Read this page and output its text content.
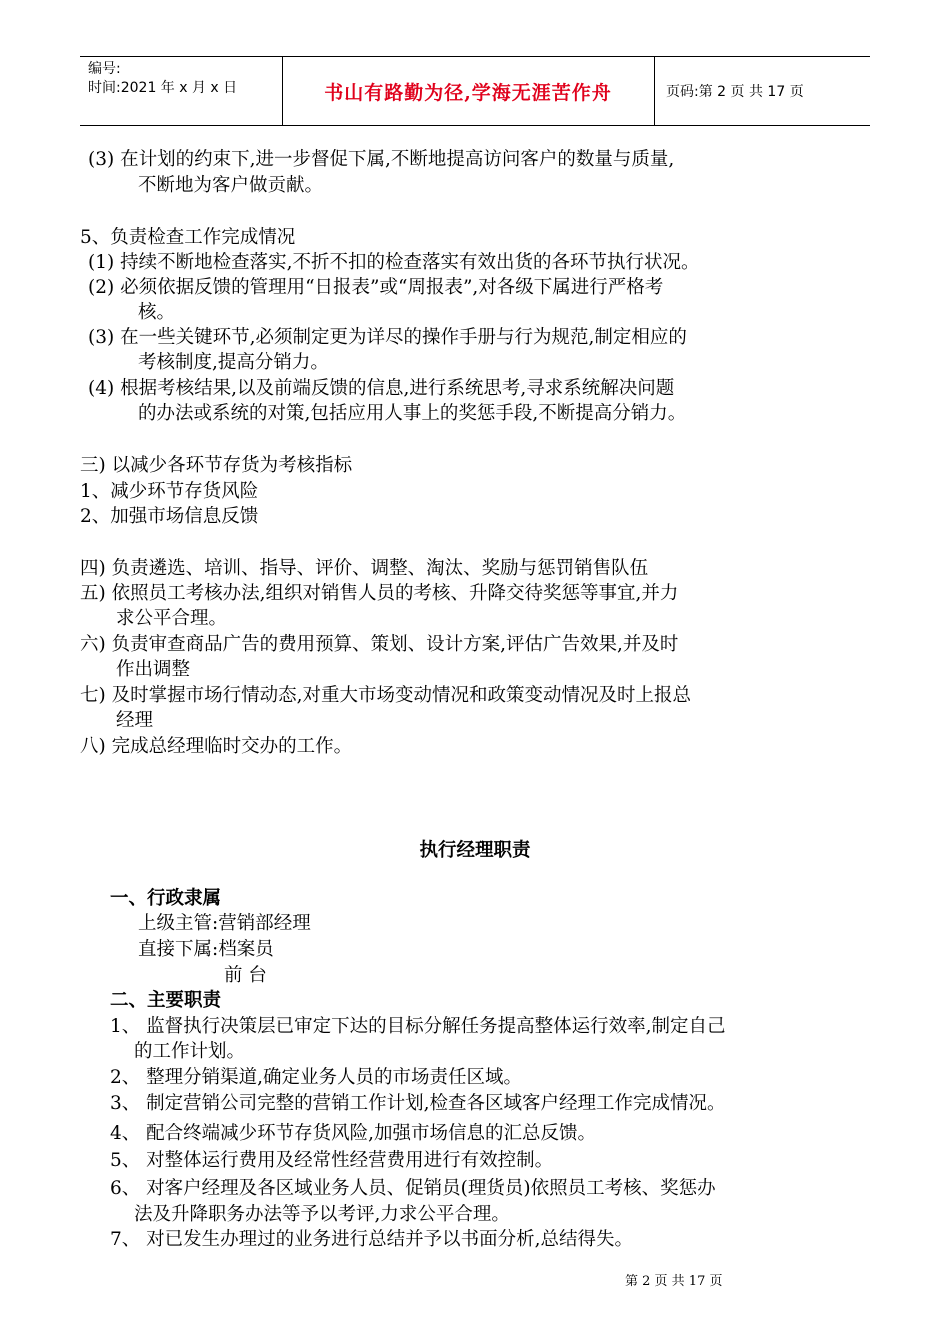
编号:
时间:2021 年 x 月 x 日	书山有路勤为径,学海无涯苦作舟	页码:第 2 页 共 17 页
(3) 在计划的约束下,进一步督促下属,不断地提高访问客户的数量与质量,
不断地为客户做贡献。
5、负责检查工作完成情况
(1) 持续不断地检查落实,不折不扣的检查落实有效出货的各环节执行状况。
(2) 必须依据反馈的管理用“日报表”或“周报表”,对各级下属进行严格考
核。
(3) 在一些关键环节,必须制定更为详尽的操作手册与行为规范,制定相应的
考核制度,提高分销力。
(4) 根据考核结果,以及前端反馈的信息,进行系统思考,寻求系统解决问题
的办法或系统的对策,包括应用人事上的奖惩手段,不断提高分销力。
三) 以减少各环节存货为考核指标
1、减少环节存货风险
2、加强市场信息反馈
四) 负责遴选、培训、指导、评价、调整、淘汰、奖励与惩罚销售队伍
五) 依照员工考核办法,组织对销售人员的考核、升降交待奖惩等事宜,并力
求公平合理。
六) 负责审查商品广告的费用预算、策划、设计方案,评估广告效果,并及时
作出调整
七) 及时掌握市场行情动态,对重大市场变动情况和政策变动情况及时上报总
经理
八) 完成总经理临时交办的工作。
执行经理职责
一、行政隶属
上级主管:营销部经理
直接下属:档案员
前 台
二、主要职责
1、 监督执行决策层已审定下达的目标分解任务提高整体运行效率,制定自己
的工作计划。
2、 整理分销渠道,确定业务人员的市场责任区域。
3、 制定营销公司完整的营销工作计划,检查各区域客户经理工作完成情况。
4、 配合终端减少环节存货风险,加强市场信息的汇总反馈。
5、 对整体运行费用及经常性经营费用进行有效控制。
6、 对客户经理及各区域业务人员、促销员(理货员)依照员工考核、奖惩办
法及升降职务办法等予以考评,力求公平合理。
7、 对已发生办理过的业务进行总结并予以书面分析,总结得失。
第 2 页 共 17 页
